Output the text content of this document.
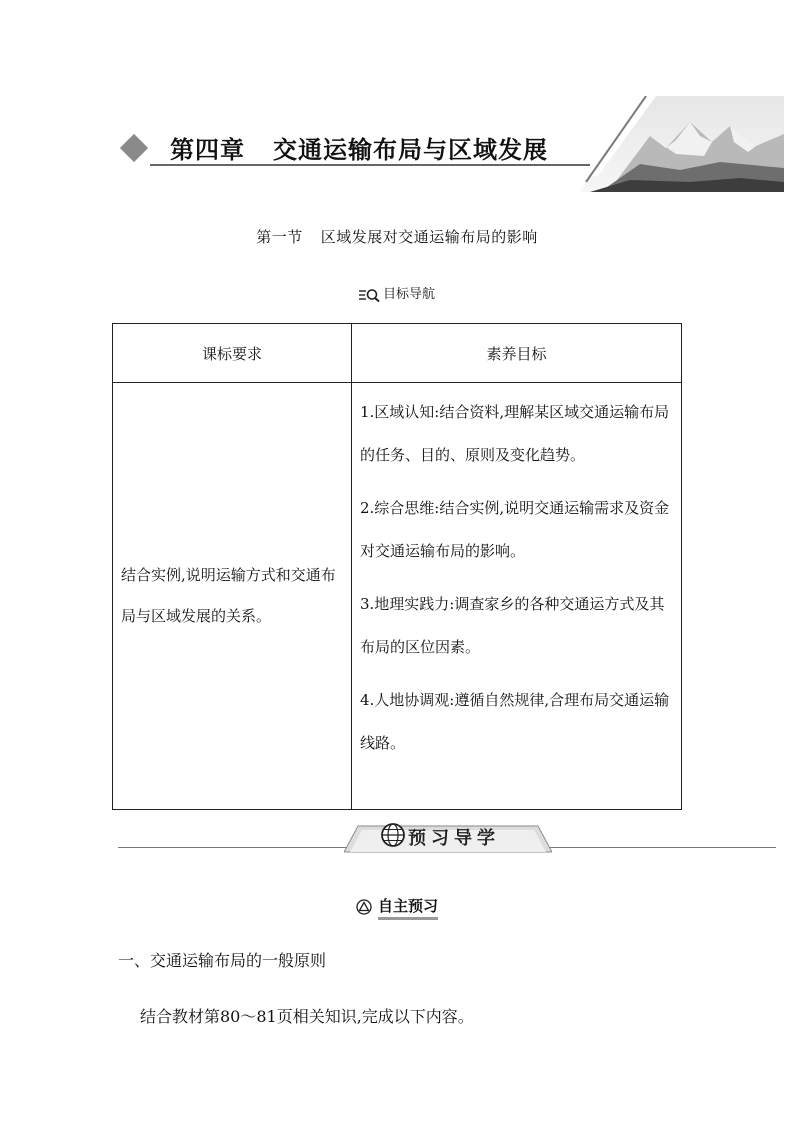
第四章 交通运输布局与区域发展
第一节 区域发展对交通运输布局的影响
目标导航
课标要求	素养目标
结合实例,说明运输方式和交通布局与区域发展的关系。	1.区域认知:结合资料,理解某区域交通运输布局的任务、目的、原则及变化趋势。

2.综合思维:结合实例,说明交通运输需求及资金对交通运输布局的影响。

3.地理实践力:调查家乡的各种交通运方式及其布局的区位因素。

4.人地协调观:遵循自然规律,合理布局交通运输线路。

预习导学
自主预习
一、交通运输布局的一般原则
结合教材第80～81页相关知识,完成以下内容。
